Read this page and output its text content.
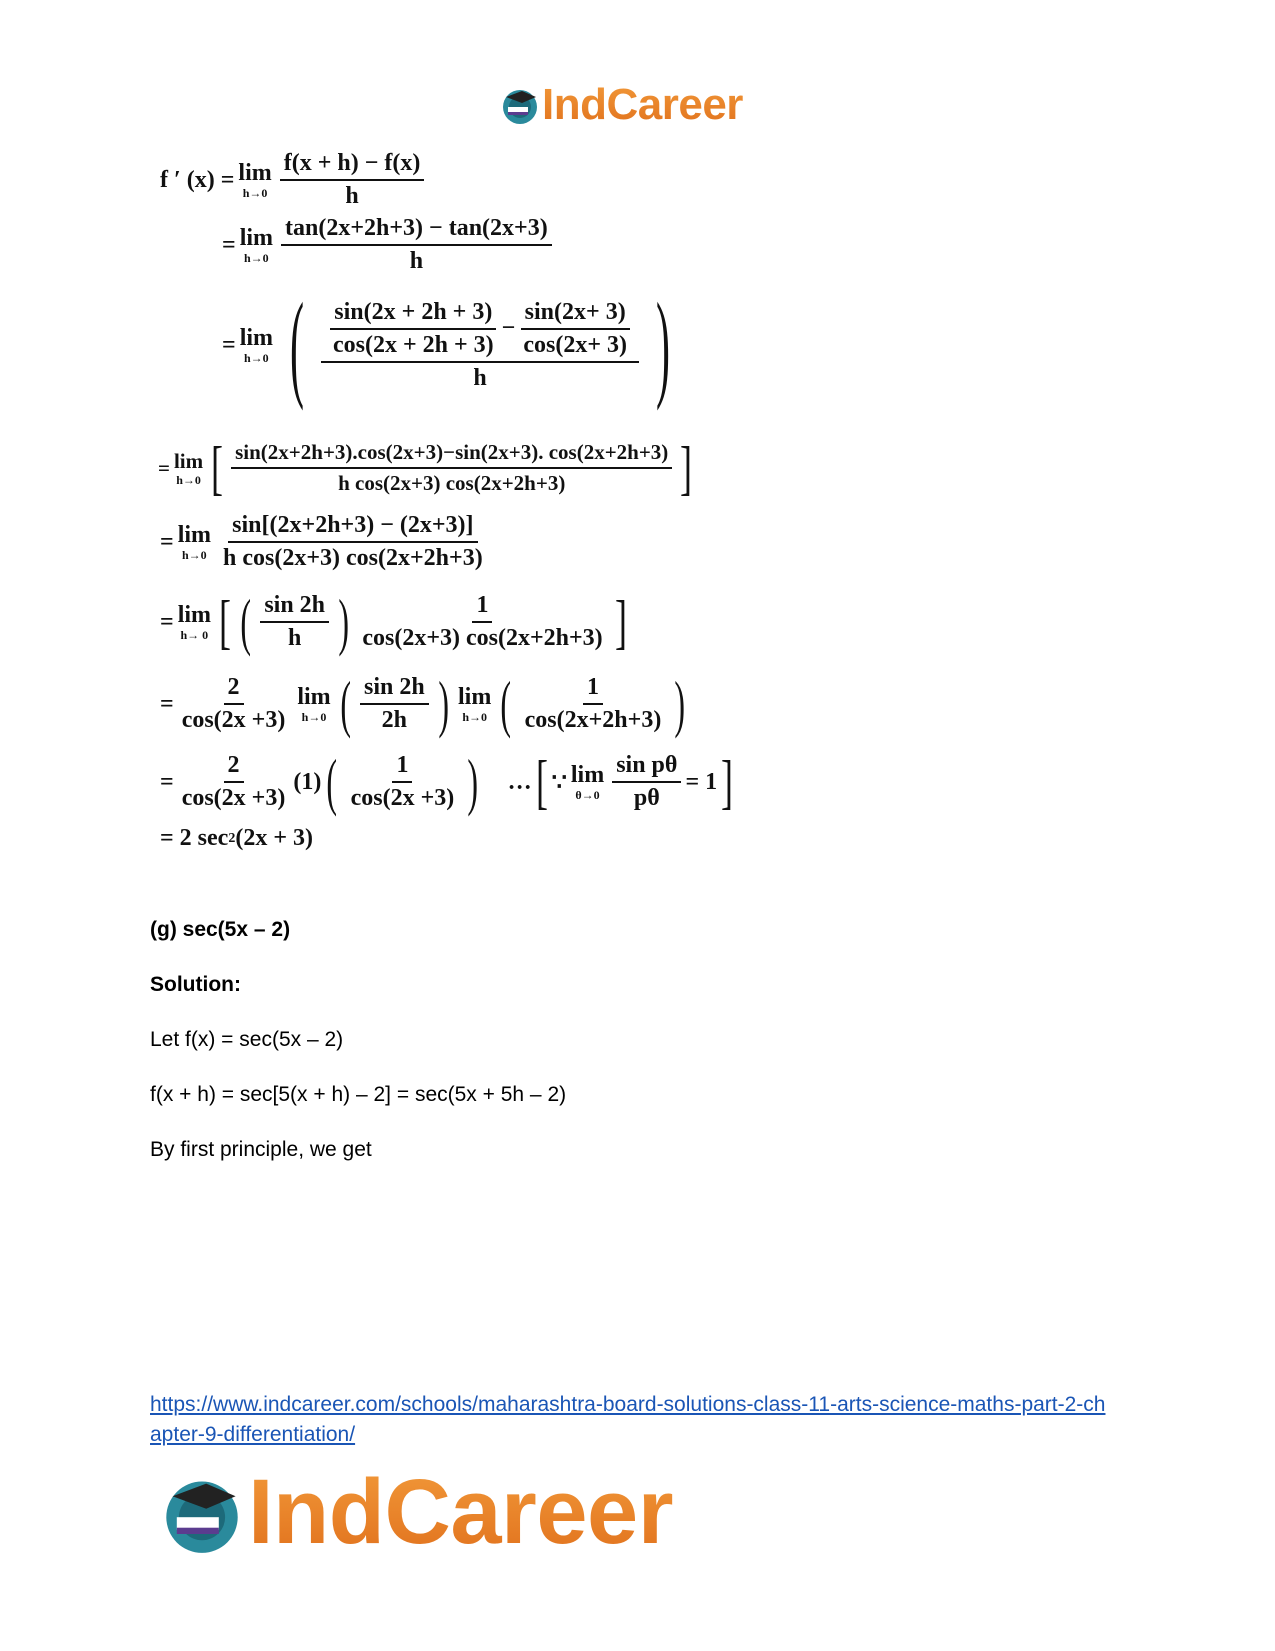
IndCareer
f ′ (x) = lim
$h\to 0 \frac{f(x + h) - f(x)}{h}$
= lim
$h\to 0 \frac{\tan(2x+2h+3) - \tan(2x+3)}{h}$
= lim
h→0 ( $\frac{\sin(2x + 2h + 3)}{\cos(2x + 2h + 3)} - \frac{\sin(2x+ 3)}{\cos(2x+ 3)}$
h )
= lim
h→0 [ $\frac{\sin(2x+2h+3).\cos(2x+3)-\sin(2x+3). \cos(2x+2h+3)}{\text{h cos(2x+3) cos(2x+2h+3)}}$ ]
= lim
$h\to 0 \frac{\sin[(2x+2h+3) - (2x+3)]}{\text{h cos(2x+3) cos(2x+2h+3)}}$
= lim
h→ 0 [ ( $\frac{\sin 2h}{h}$ ) $\frac{1}{\cos(2x+3) \cos(2x+2h+3)}$ ]
= $\frac{2}{\cos(2x +3)}$ lim
h→0 ( $\frac{\sin 2h}{2h}$ ) lim
h→0 ( $\frac{1}{\cos(2x+2h+3)}$ )
= $\frac{2}{\cos(2x +3)} (1)$ ( $\frac{1}{\cos(2x +3)}$ ) … [ ∵ lim
$\theta\to 0 \frac{\text{sin pθ}}{p\theta} = 1$ ]
= 2 sec 2 (2x + 3)
(g) sec(5x – 2)
Solution:
Let f(x) = sec(5x – 2)
f(x + h) = sec[5(x + h) – 2] = sec(5x + 5h – 2)
By first principle, we get
https://www.indcareer.com/schools/maharashtra-board-solutions-class-11-arts-science-maths-part-2-chapter-9-differentiation/
IndCareer
